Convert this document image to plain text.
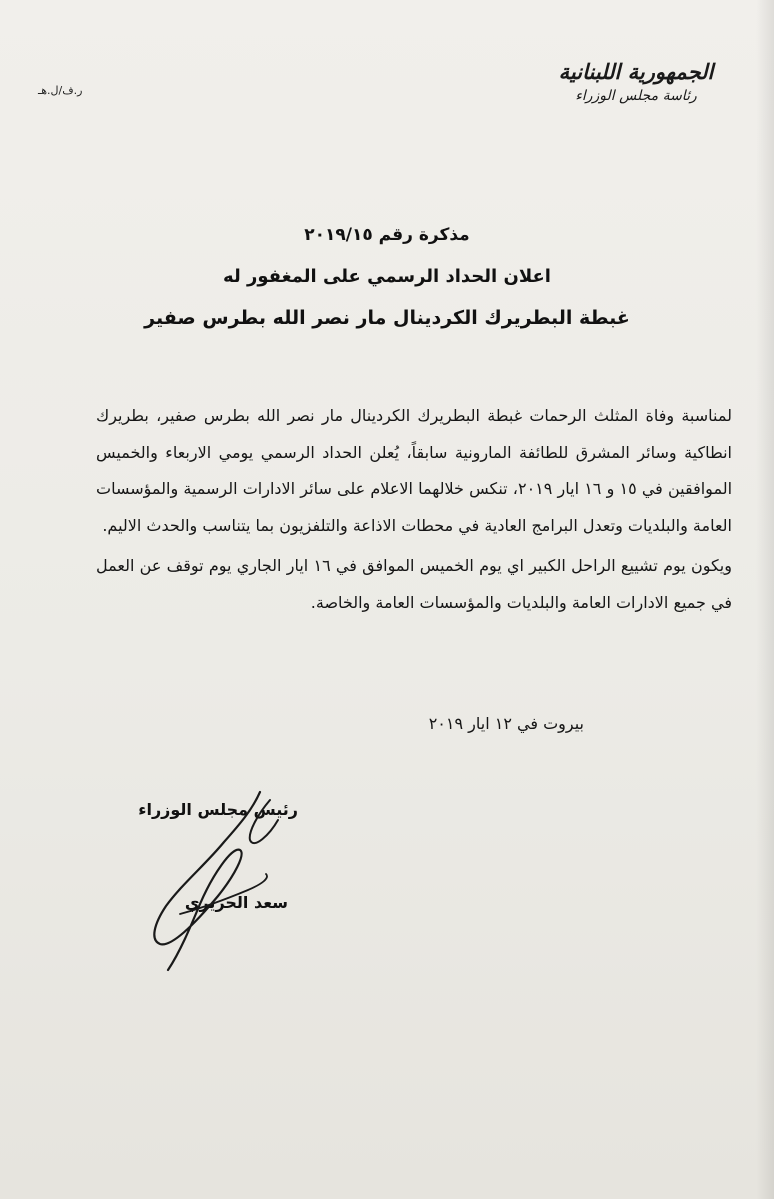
الجمهورية اللبنانية
رئاسة مجلس الوزراء
ر.ف/ل.هـ
مذكرة رقم ٢٠١٩/١٥
اعلان الحداد الرسمي على المغفور له
غبطة البطريرك الكردينال مار نصر الله بطرس صفير

لمناسبة وفاة المثلث الرحمات غبطة البطريرك الكردينال مار نصر الله بطرس صفير، بطريرك انطاكية وسائر المشرق للطائفة المارونية سابقاً، يُعلن الحداد الرسمي يومي الاربعاء والخميس الموافقين في ١٥ و ١٦ ايار ٢٠١٩، تنكس خلالهما الاعلام على سائر الادارات الرسمية والمؤسسات العامة والبلديات وتعدل البرامج العادية في محطات الاذاعة والتلفزيون بما يتناسب والحدث الاليم.

ويكون يوم تشييع الراحل الكبير اي يوم الخميس الموافق في ١٦ ايار الجاري يوم توقف عن العمل في جميع الادارات العامة والبلديات والمؤسسات العامة والخاصة.

بيروت في ١٢ ايار ٢٠١٩
رئيس مجلس الوزراء
سعد الحريري
